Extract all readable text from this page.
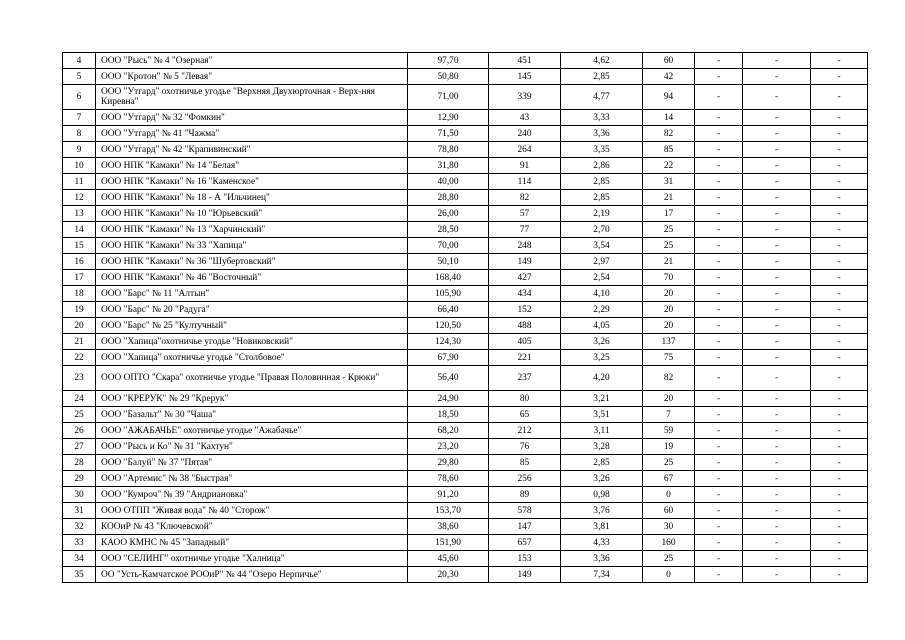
4	ООО "Рысь" № 4 "Озерная"	97,70	451	4,62	60	-	-	-
5	ООО "Кротон" № 5 "Левая"	50,80	145	2,85	42	-	-	-
6	ООО "Утгард" охотничье угодье "Верхняя Двухюрточная - Верх-няя Киревна"	71,00	339	4,77	94	-	-	-
7	ООО "Утгард" № 32 "Фомкин"	12,90	43	3,33	14	-	-	-
8	ООО "Утгард" № 41 "Чажма"	71,50	240	3,36	82	-	-	-
9	ООО "Утгард" № 42 "Крапивинский"	78,80	264	3,35	85	-	-	-
10	ООО НПК "Камаки" № 14 "Белая"	31,80	91	2,86	22	-	-	-
11	ООО НПК "Камаки" № 16 "Каменское"	40,00	114	2,85	31	-	-	-
12	ООО НПК "Камаки" № 18 - А "Ильчинец"	28,80	82	2,85	21	-	-	-
13	ООО НПК "Камаки" № 10 "Юрьевский"	26,00	57	2,19	17	-	-	-
14	ООО НПК "Камаки" № 13 "Харчинский"	28,50	77	2,70	25	-	-	-
15	ООО НПК "Камаки" № 33 "Хапица"	70,00	248	3,54	25	-	-	-
16	ООО НПК "Камаки" № 36 "Шубертовский"	50,10	149	2,97	21	-	-	-
17	ООО НПК "Камаки" № 46 "Восточный"	168,40	427	2,54	70	-	-	-
18	ООО "Барс" № 11 "Алтын"	105,90	434	4,10	20	-	-	-
19	ООО "Барс" № 20 "Радуга"	66,40	152	2,29	20	-	-	-
20	ООО "Барс" № 25 "Култучный"	120,50	488	4,05	20	-	-	-
21	ООО "Хапица"охотничье угодье "Новиковский"	124,30	405	3,26	137	-	-	-
22	ООО "Хапица" охотничье угодье "Столбовое"	67,90	221	3,25	75	-	-	-
23	ООО ОПТО "Скара" охотничье угодье "Правая Половинная - Крюки"	56,40	237	4,20	82	-	-	-
24	ООО "КРЕРУК" № 29 "Крерук"	24,90	80	3,21	20	-	-	-
25	ООО "Базальт" № 30 "Чаша"	18,50	65	3,51	7	-	-	-
26	ООО "АЖАБАЧЬЕ" охотничье угодье "Ажабачье"	68,20	212	3,11	59	-	-	-
27	ООО "Рысь и Ко" № 31 "Кахтун"	23,20	76	3,28	19	-	-	-
28	ООО "Балуй" № 37 "Пятая"	29,80	85	2,85	25	-	-	-
29	ООО "Артемис" № 38 "Быстрая"	78,60	256	3,26	67	-	-	-
30	ООО "Кумроч" № 39 "Андриановка"	91,20	89	0,98	0	-	-	-
31	ООО ОТПП "Живая вода" № 40 "Сторож"	153,70	578	3,76	60	-	-	-
32	КООиР № 43 "Ключевской"	38,60	147	3,81	30	-	-	-
33	КАОО КМНС № 45 "Западный"	151,90	657	4,33	160	-	-	-
34	ООО "СЕЛИНГ" охотничье угодье "Халница"	45,60	153	3,36	25	-	-	-
35	ОО "Усть-Камчатское РООиР" № 44 "Озеро Нерпичье"	20,30	149	7,34	0	-	-	-
